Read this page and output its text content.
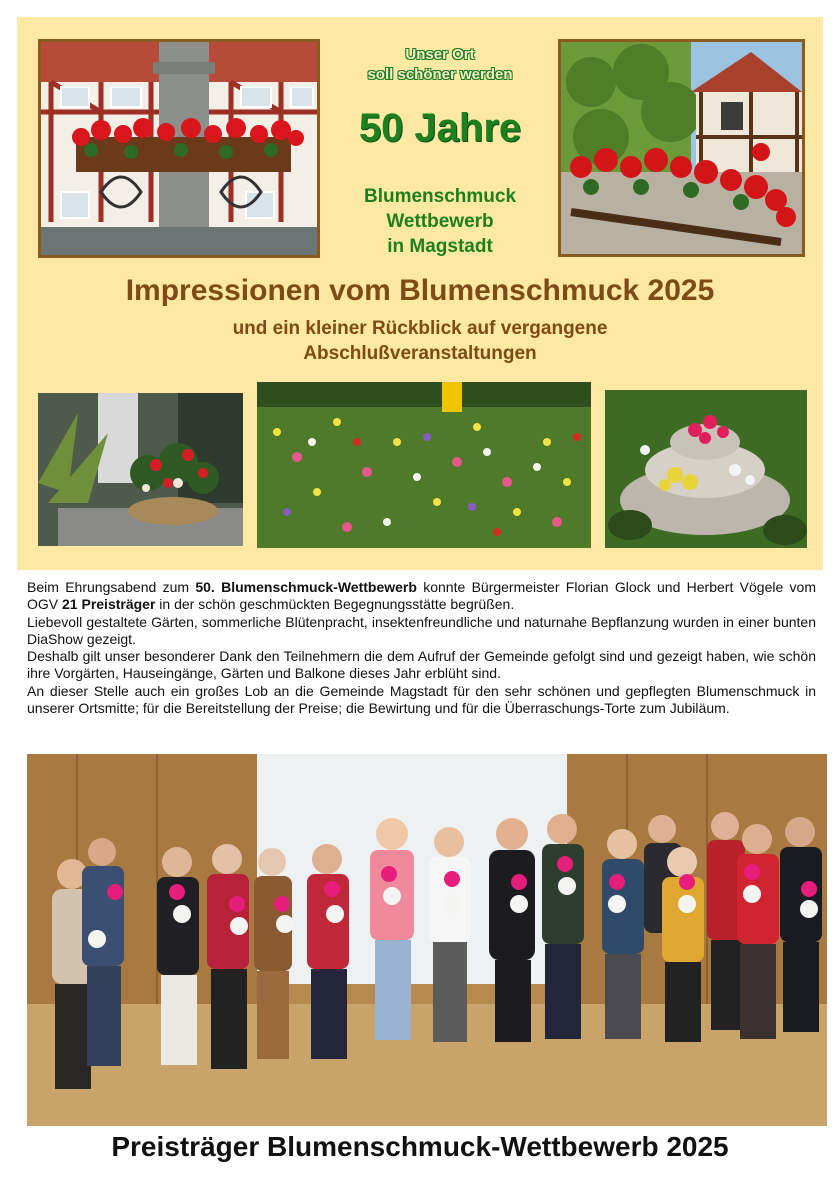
Unser Ort
soll schöner werden
50 Jahre
Blumenschmuck
Wettbewerb
in Magstadt
Impressionen vom Blumenschmuck 2025
und ein kleiner Rückblick auf vergangene
Abschlußveranstaltungen

Beim Ehrungsabend zum 50. Blumenschmuck-Wettbewerb konnte Bürgermeister Florian Glock und Herbert Vögele vom OGV 21 Preisträger in der schön geschmückten Begegnungsstätte begrüßen.

Liebevoll gestaltete Gärten, sommerliche Blütenpracht, insektenfreundliche und naturnahe Bepflanzung wurden in einer bunten DiaShow gezeigt.

Deshalb gilt unser besonderer Dank den Teilnehmern die dem Aufruf der Gemeinde gefolgt sind und gezeigt haben, wie schön ihre Vorgärten, Hauseingänge, Gärten und Balkone dieses Jahr erblüht sind.

An dieser Stelle auch ein großes Lob an die Gemeinde Magstadt für den sehr schönen und gepflegten Blumenschmuck in unserer Ortsmitte; für die Bereitstellung der Preise; die Bewirtung und für die Überraschungs-Torte zum Jubiläum.

Preisträger Blumenschmuck-Wettbewerb 2025
